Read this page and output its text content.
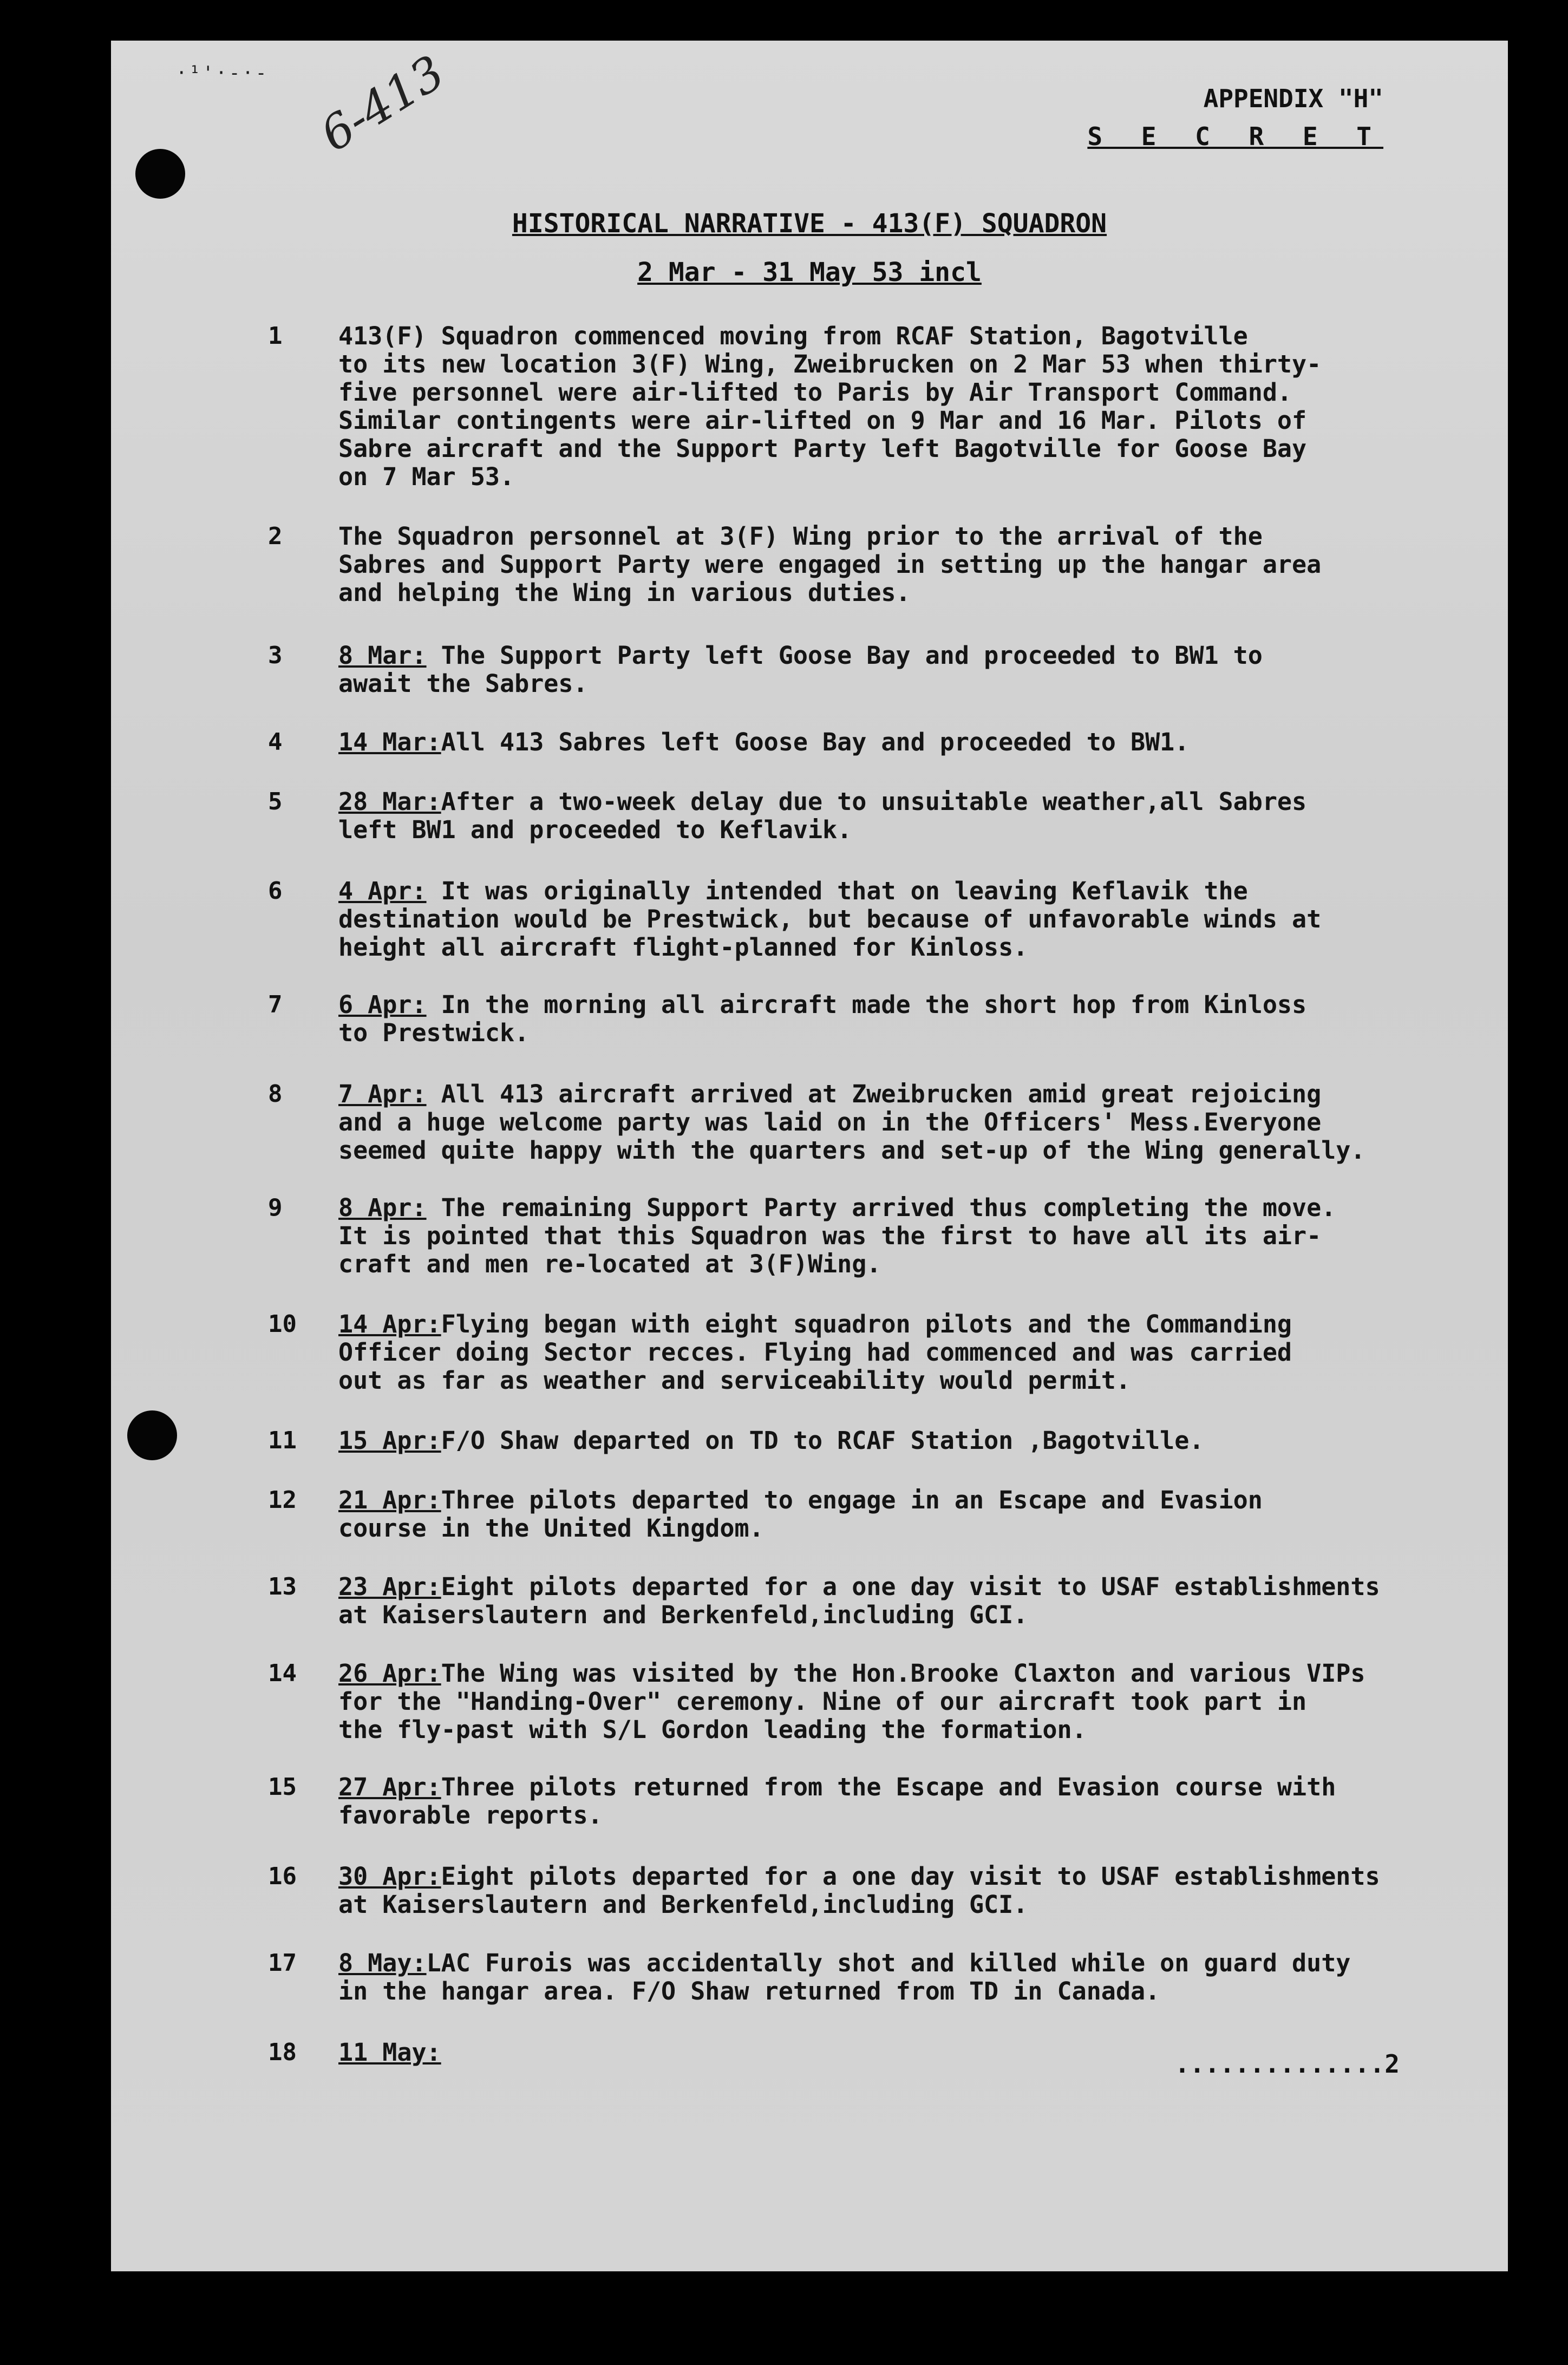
·¹'·-·- 6-413	APPENDIX "H"
S E C R E T
HISTORICAL NARRATIVE - 413(F) SQUADRON
2 Mar - 31 May 53 incl
1	413(F) Squadron commenced moving from RCAF Station, Bagotville
to its new location 3(F) Wing, Zweibrucken on 2 Mar 53 when thirty-
five personnel were air-lifted to Paris by Air Transport Command.
Similar contingents were air-lifted on 9 Mar and 16 Mar. Pilots of
Sabre aircraft and the Support Party left Bagotville for Goose Bay
on 7 Mar 53.
2	The Squadron personnel at 3(F) Wing prior to the arrival of the
Sabres and Support Party were engaged in setting up the hangar area
and helping the Wing in various duties.
3	8 Mar: The Support Party left Goose Bay and proceeded to BW1 to
await the Sabres.
4	14 Mar:All 413 Sabres left Goose Bay and proceeded to BW1.
5	28 Mar:After a two-week delay due to unsuitable weather,all Sabres
left BW1 and proceeded to Keflavik.
6	4 Apr: It was originally intended that on leaving Keflavik the
destination would be Prestwick, but because of unfavorable winds at
height all aircraft flight-planned for Kinloss.
7	6 Apr: In the morning all aircraft made the short hop from Kinloss
to Prestwick.
8	7 Apr: All 413 aircraft arrived at Zweibrucken amid great rejoicing
and a huge welcome party was laid on in the Officers' Mess.Everyone
seemed quite happy with the quarters and set-up of the Wing generally.
9	8 Apr: The remaining Support Party arrived thus completing the move.
It is pointed that this Squadron was the first to have all its air-
craft and men re-located at 3(F)Wing.
10	14 Apr:Flying began with eight squadron pilots and the Commanding
Officer doing Sector recces. Flying had commenced and was carried
out as far as weather and serviceability would permit.
11	15 Apr:F/O Shaw departed on TD to RCAF Station ,Bagotville.
12	21 Apr:Three pilots departed to engage in an Escape and Evasion
course in the United Kingdom.
13	23 Apr:Eight pilots departed for a one day visit to USAF establishments
at Kaiserslautern and Berkenfeld,including GCI.
14	26 Apr:The Wing was visited by the Hon.Brooke Claxton and various VIPs
for the "Handing-Over" ceremony. Nine of our aircraft took part in
the fly-past with S/L Gordon leading the formation.
15	27 Apr:Three pilots returned from the Escape and Evasion course with
favorable reports.
16	30 Apr:Eight pilots departed for a one day visit to USAF establishments
at Kaiserslautern and Berkenfeld,including GCI.
17	8 May:LAC Furois was accidentally shot and killed while on guard duty
in the hangar area. F/O Shaw returned from TD in Canada.
18	11 May:	..............2
